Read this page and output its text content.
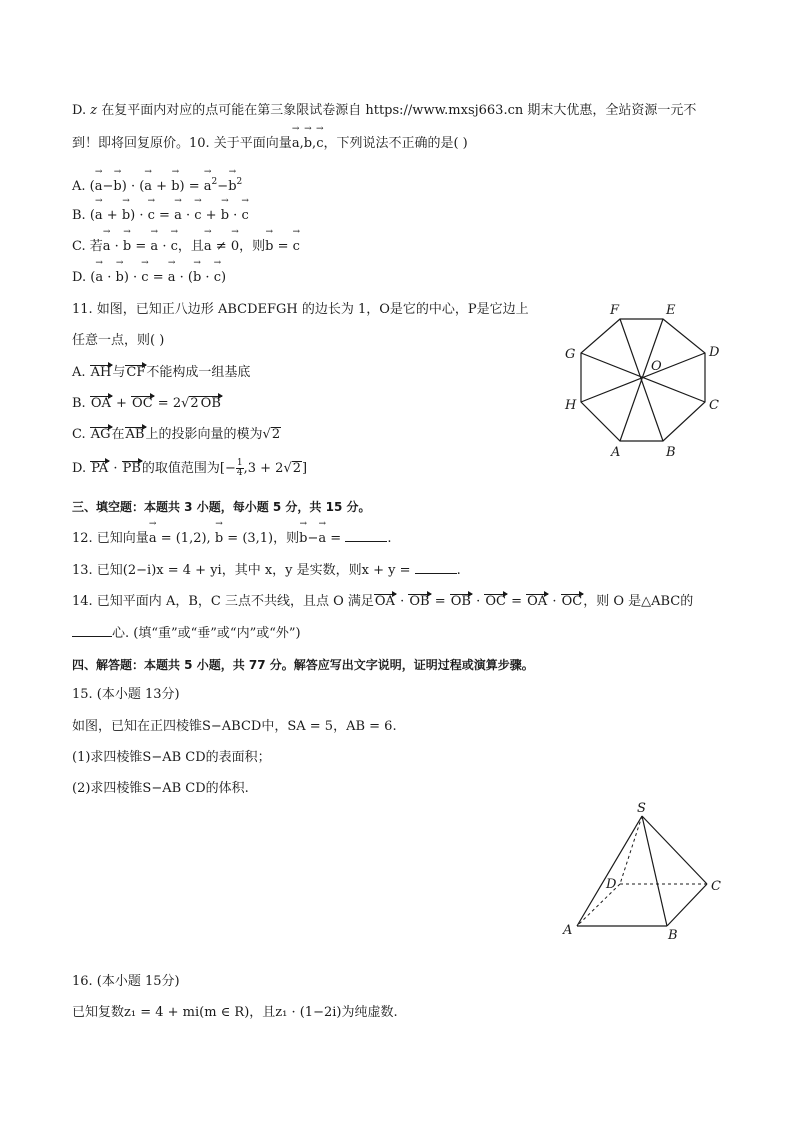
D. z 在复平面内对应的点可能在第三象限试卷源自 https://www.mxsj663.cn 期末大优惠，全站资源一元不
到！即将回复原价。10. 关于平面向量→ a,→ b,→ c，下列说法不正确的是( )
A. (→ a−→ b) · (→ a + → b) = → $a^2-\to b^2$
B. (→ a + → b) · → c = → a · → c + → b · → c
C. 若→ a · → b = → a · → c，且→ a ≠ → 0，则→ b = → c
D. (→ a · → b) · → c = → a · (→ b · → c)
11. 如图，已知正八边形 ABCDEFGH 的边长为 1，O是它的中心，P是它边上
任意一点，则( )
A. AH与CF不能构成一组基底
B. OA + OC = 2√2 OB
C. AG在AB上的投影向量的模为√2
D. PA · PB的取值范围为[− $\frac{1}{4} ,3 + 2√2$]
F	E
D
C
B
A
H
G
O
三、填空题：本题共 3 小题，每小题 5 分，共 15 分。
12. 已知向量→ a = (1,2), → b = (3,1)，则→ b−→ a =	.
13. 已知(2−i)x = 4 + yi，其中 x，y 是实数，则x + y =	.
14. 已知平面内 A，B，C 三点不共线，且点 O 满足OA · OB = OB · OC = OA · OC，则 O 是△ABC的
心. (填“重”或“垂”或“内”或“外”)
四、解答题：本题共 5 小题，共 77 分。解答应写出文字说明，证明过程或演算步骤。
15. (本小题 13分)
如图，已知在正四棱锥S−ABCD中，SA = 5，AB = 6.
(1)求四棱锥S−AB CD的表面积；
(2)求四棱锥S−AB CD的体积.
S
D	C
A	B
16. (本小题 15分)
已知复数z₁ = 4 + mi(m ∈ R)，且z₁ · (1−2i)为纯虚数.
